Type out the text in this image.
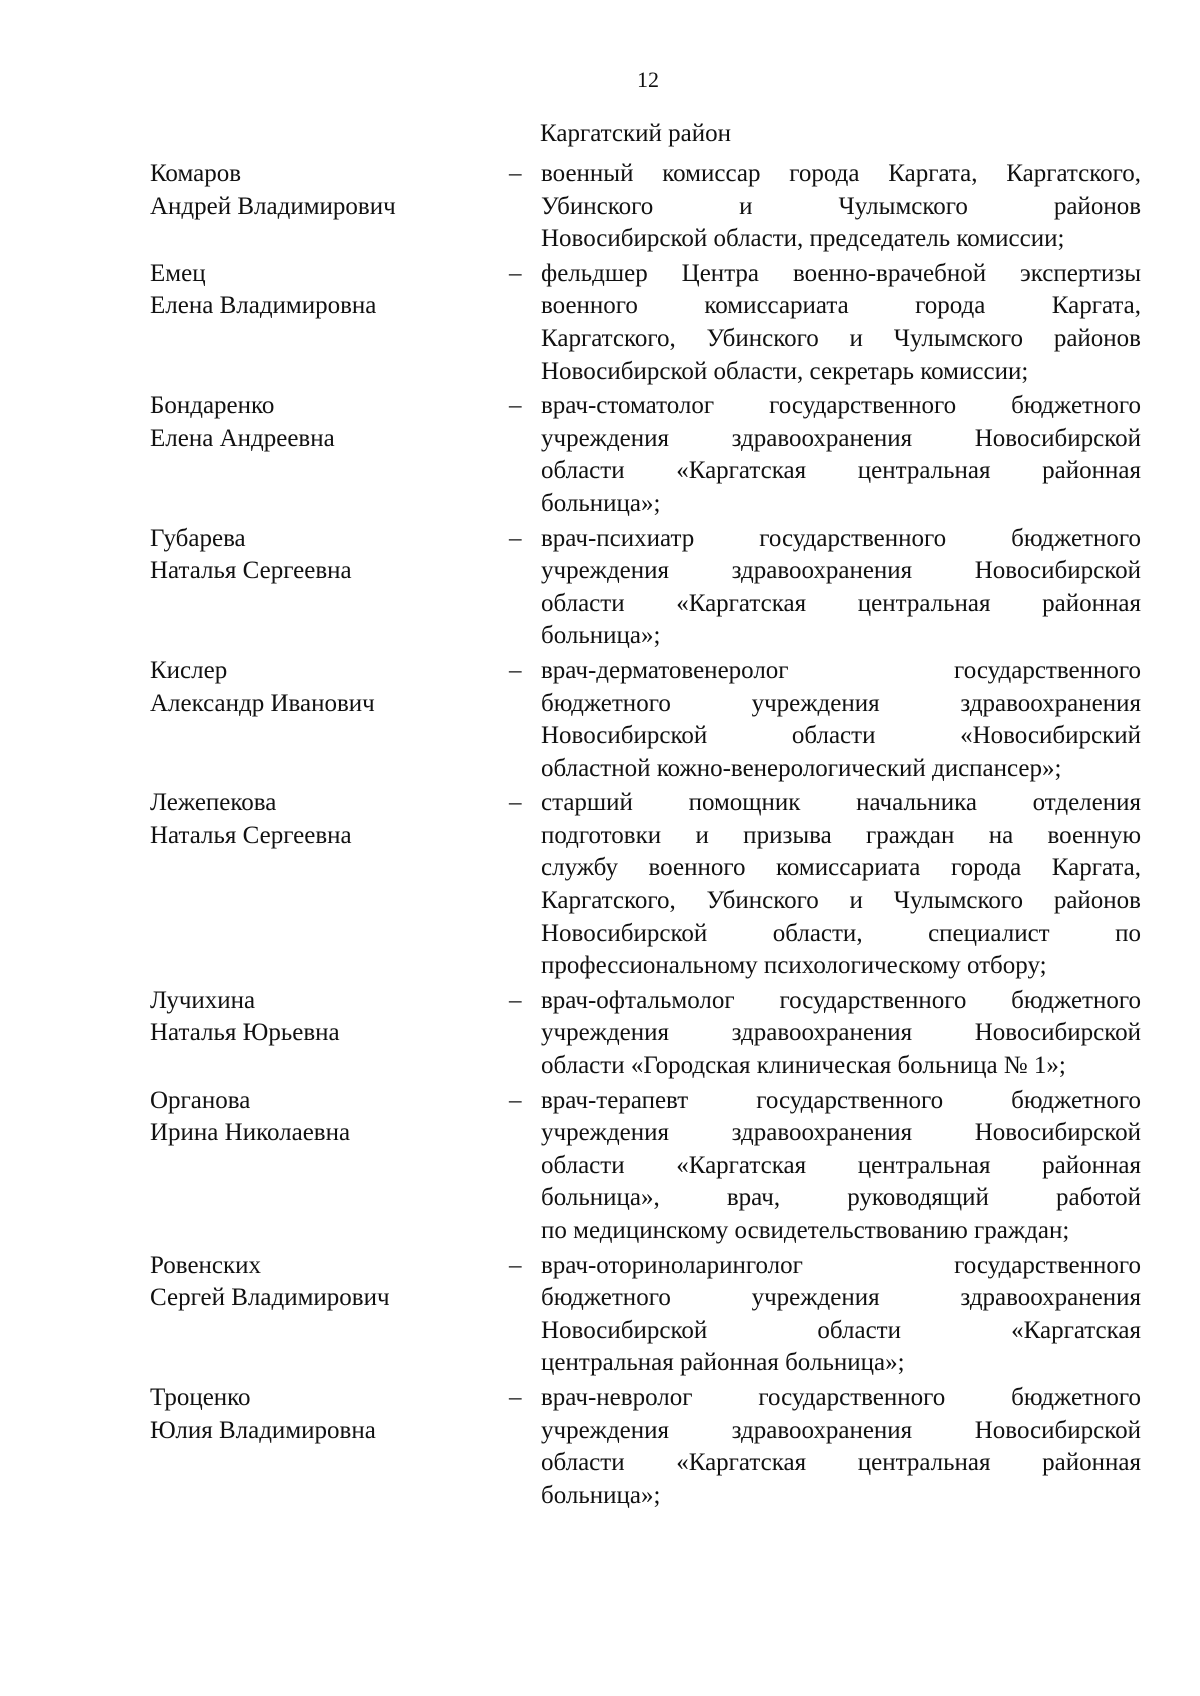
12
Каргатский район
Комаров
Андрей Владимирович
– военный комиссар города Каргата, Каргатского,
Убинского и Чулымского районов
Новосибирской области, председатель комиссии;
Емец
Елена Владимировна
– фельдшер Центра военно-врачебной экспертизы
военного комиссариата города Каргата,
Каргатского, Убинского и Чулымского районов
Новосибирской области, секретарь комиссии;
Бондаренко
Елена Андреевна
– врач-стоматолог государственного бюджетного
учреждения здравоохранения Новосибирской
области «Каргатская центральная районная
больница»;
Губарева
Наталья Сергеевна
– врач-психиатр государственного бюджетного
учреждения здравоохранения Новосибирской
области «Каргатская центральная районная
больница»;
Кислер
Александр Иванович
– врач-дерматовенеролог государственного
бюджетного учреждения здравоохранения
Новосибирской области «Новосибирский
областной кожно-венерологический диспансер»;
Лежепекова
Наталья Сергеевна
– старший помощник начальника отделения
подготовки и призыва граждан на военную
службу военного комиссариата города Каргата,
Каргатского, Убинского и Чулымского районов
Новосибирской области, специалист по
профессиональному психологическому отбору;
Лучихина
Наталья Юрьевна
– врач-офтальмолог государственного бюджетного
учреждения здравоохранения Новосибирской
области «Городская клиническая больница № 1»;
Органова
Ирина Николаевна
– врач-терапевт государственного бюджетного
учреждения здравоохранения Новосибирской
области «Каргатская центральная районная
больница», врач, руководящий работой
по медицинскому освидетельствованию граждан;
Ровенских
Сергей Владимирович
– врач-оториноларинголог государственного
бюджетного учреждения здравоохранения
Новосибирской области «Каргатская
центральная районная больница»;
Троценко
Юлия Владимировна
– врач-невролог государственного бюджетного
учреждения здравоохранения Новосибирской
области «Каргатская центральная районная
больница»;
